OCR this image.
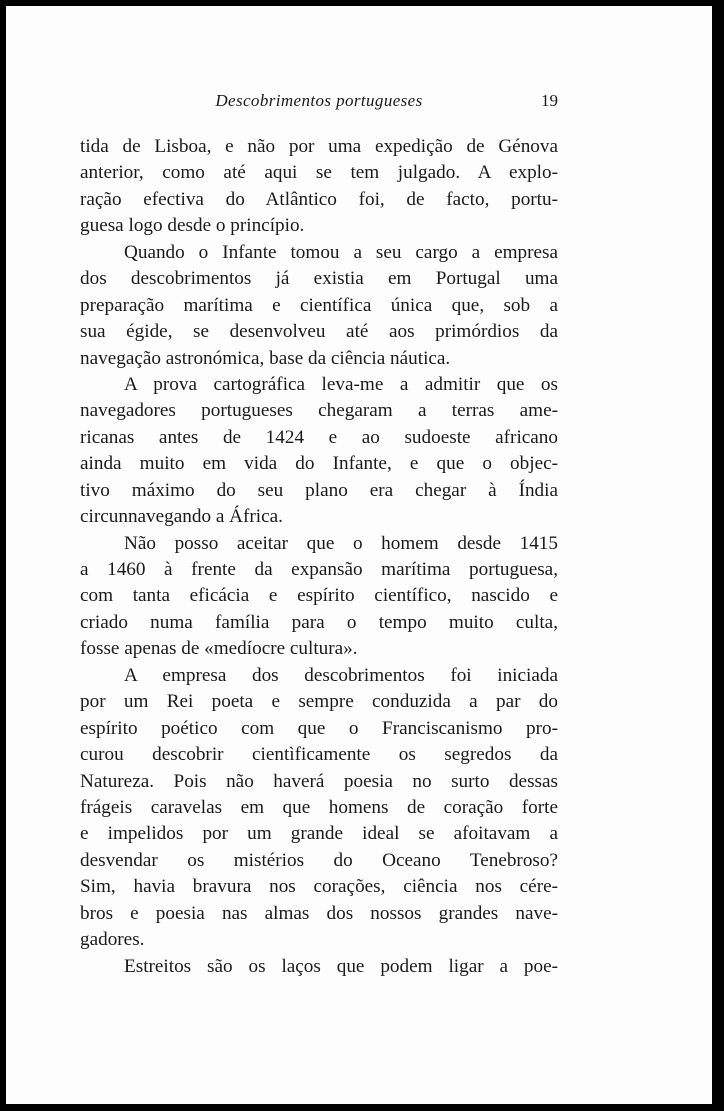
Descobrimentos portugueses	19
tida de Lisboa, e não por uma expedição de Génova
anterior, como até aqui se tem julgado. A explo-
ração efectiva do Atlântico foi, de facto, portu-
guesa logo desde o princípio.
Quando o Infante tomou a seu cargo a empresa
dos descobrimentos já existia em Portugal uma
preparação marítima e científica única que, sob a
sua égide, se desenvolveu até aos primórdios da
navegação astronómica, base da ciência náutica.
A prova cartográfica leva-me a admitir que os
navegadores portugueses chegaram a terras ame-
ricanas antes de 1424 e ao sudoeste africano
ainda muito em vida do Infante, e que o objec-
tivo máximo do seu plano era chegar à Índia
circunnavegando a África.
Não posso aceitar que o homem desde 1415
a 1460 à frente da expansão marítima portuguesa,
com tanta eficácia e espírito científico, nascido e
criado numa família para o tempo muito culta,
fosse apenas de «medíocre cultura».
A empresa dos descobrimentos foi iniciada
por um Rei poeta e sempre conduzida a par do
espírito poético com que o Franciscanismo pro-
curou descobrir cientìficamente os segredos da
Natureza. Pois não haverá poesia no surto dessas
frágeis caravelas em que homens de coração forte
e impelidos por um grande ideal se afoitavam a
desvendar os mistérios do Oceano Tenebroso?
Sim, havia bravura nos corações, ciência nos cére-
bros e poesia nas almas dos nossos grandes nave-
gadores.
Estreitos são os laços que podem ligar a poe-
